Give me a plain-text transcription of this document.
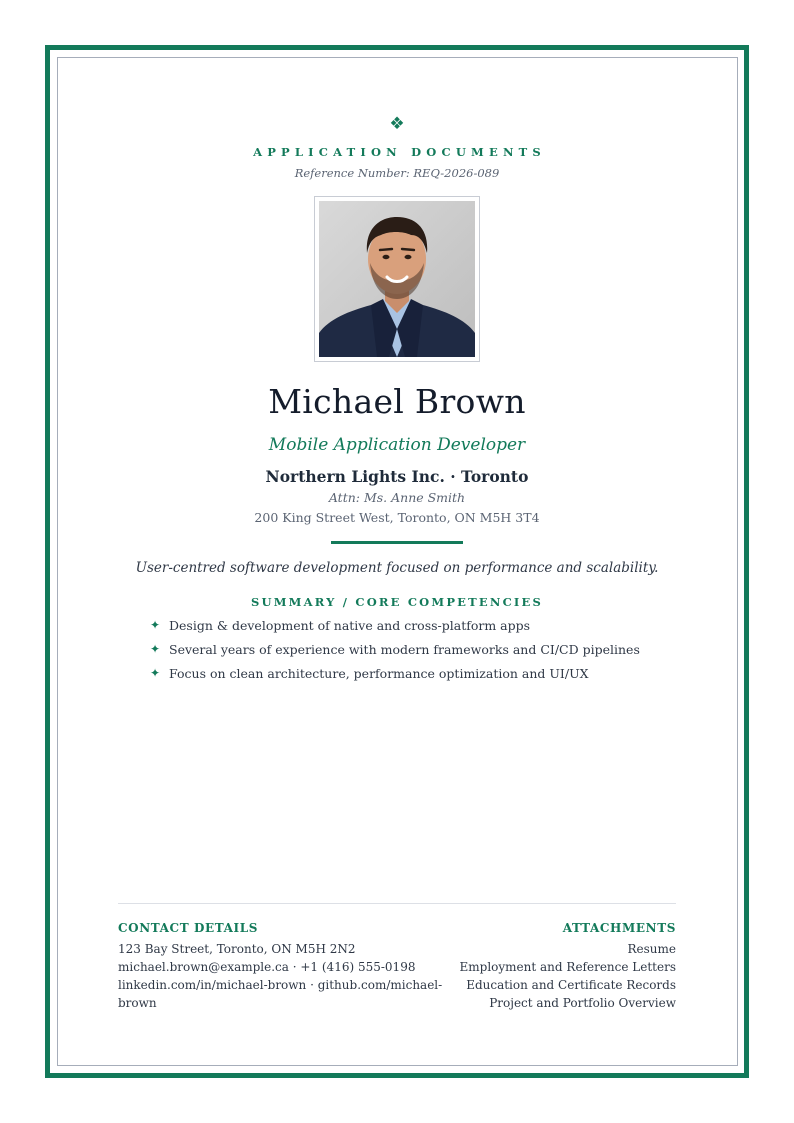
❖
APPLICATION DOCUMENTS
Reference Number: REQ-2026-089
Michael Brown
Mobile Application Developer
Northern Lights Inc. · Toronto
Attn: Ms. Anne Smith
200 King Street West, Toronto, ON M5H 3T4
User-centred software development focused on performance and scalability.
SUMMARY / CORE COMPETENCIES
✦ Design & development of native and cross-platform apps
✦ Several years of experience with modern frameworks and CI/CD pipelines
✦ Focus on clean architecture, performance optimization and UI/UX
CONTACT DETAILS
123 Bay Street, Toronto, ON M5H 2N2
michael.brown@example.ca · +1 (416) 555-0198
linkedin.com/in/michael-brown · github.com/michael-brown
ATTACHMENTS
Resume
Employment and Reference Letters
Education and Certificate Records
Project and Portfolio Overview
